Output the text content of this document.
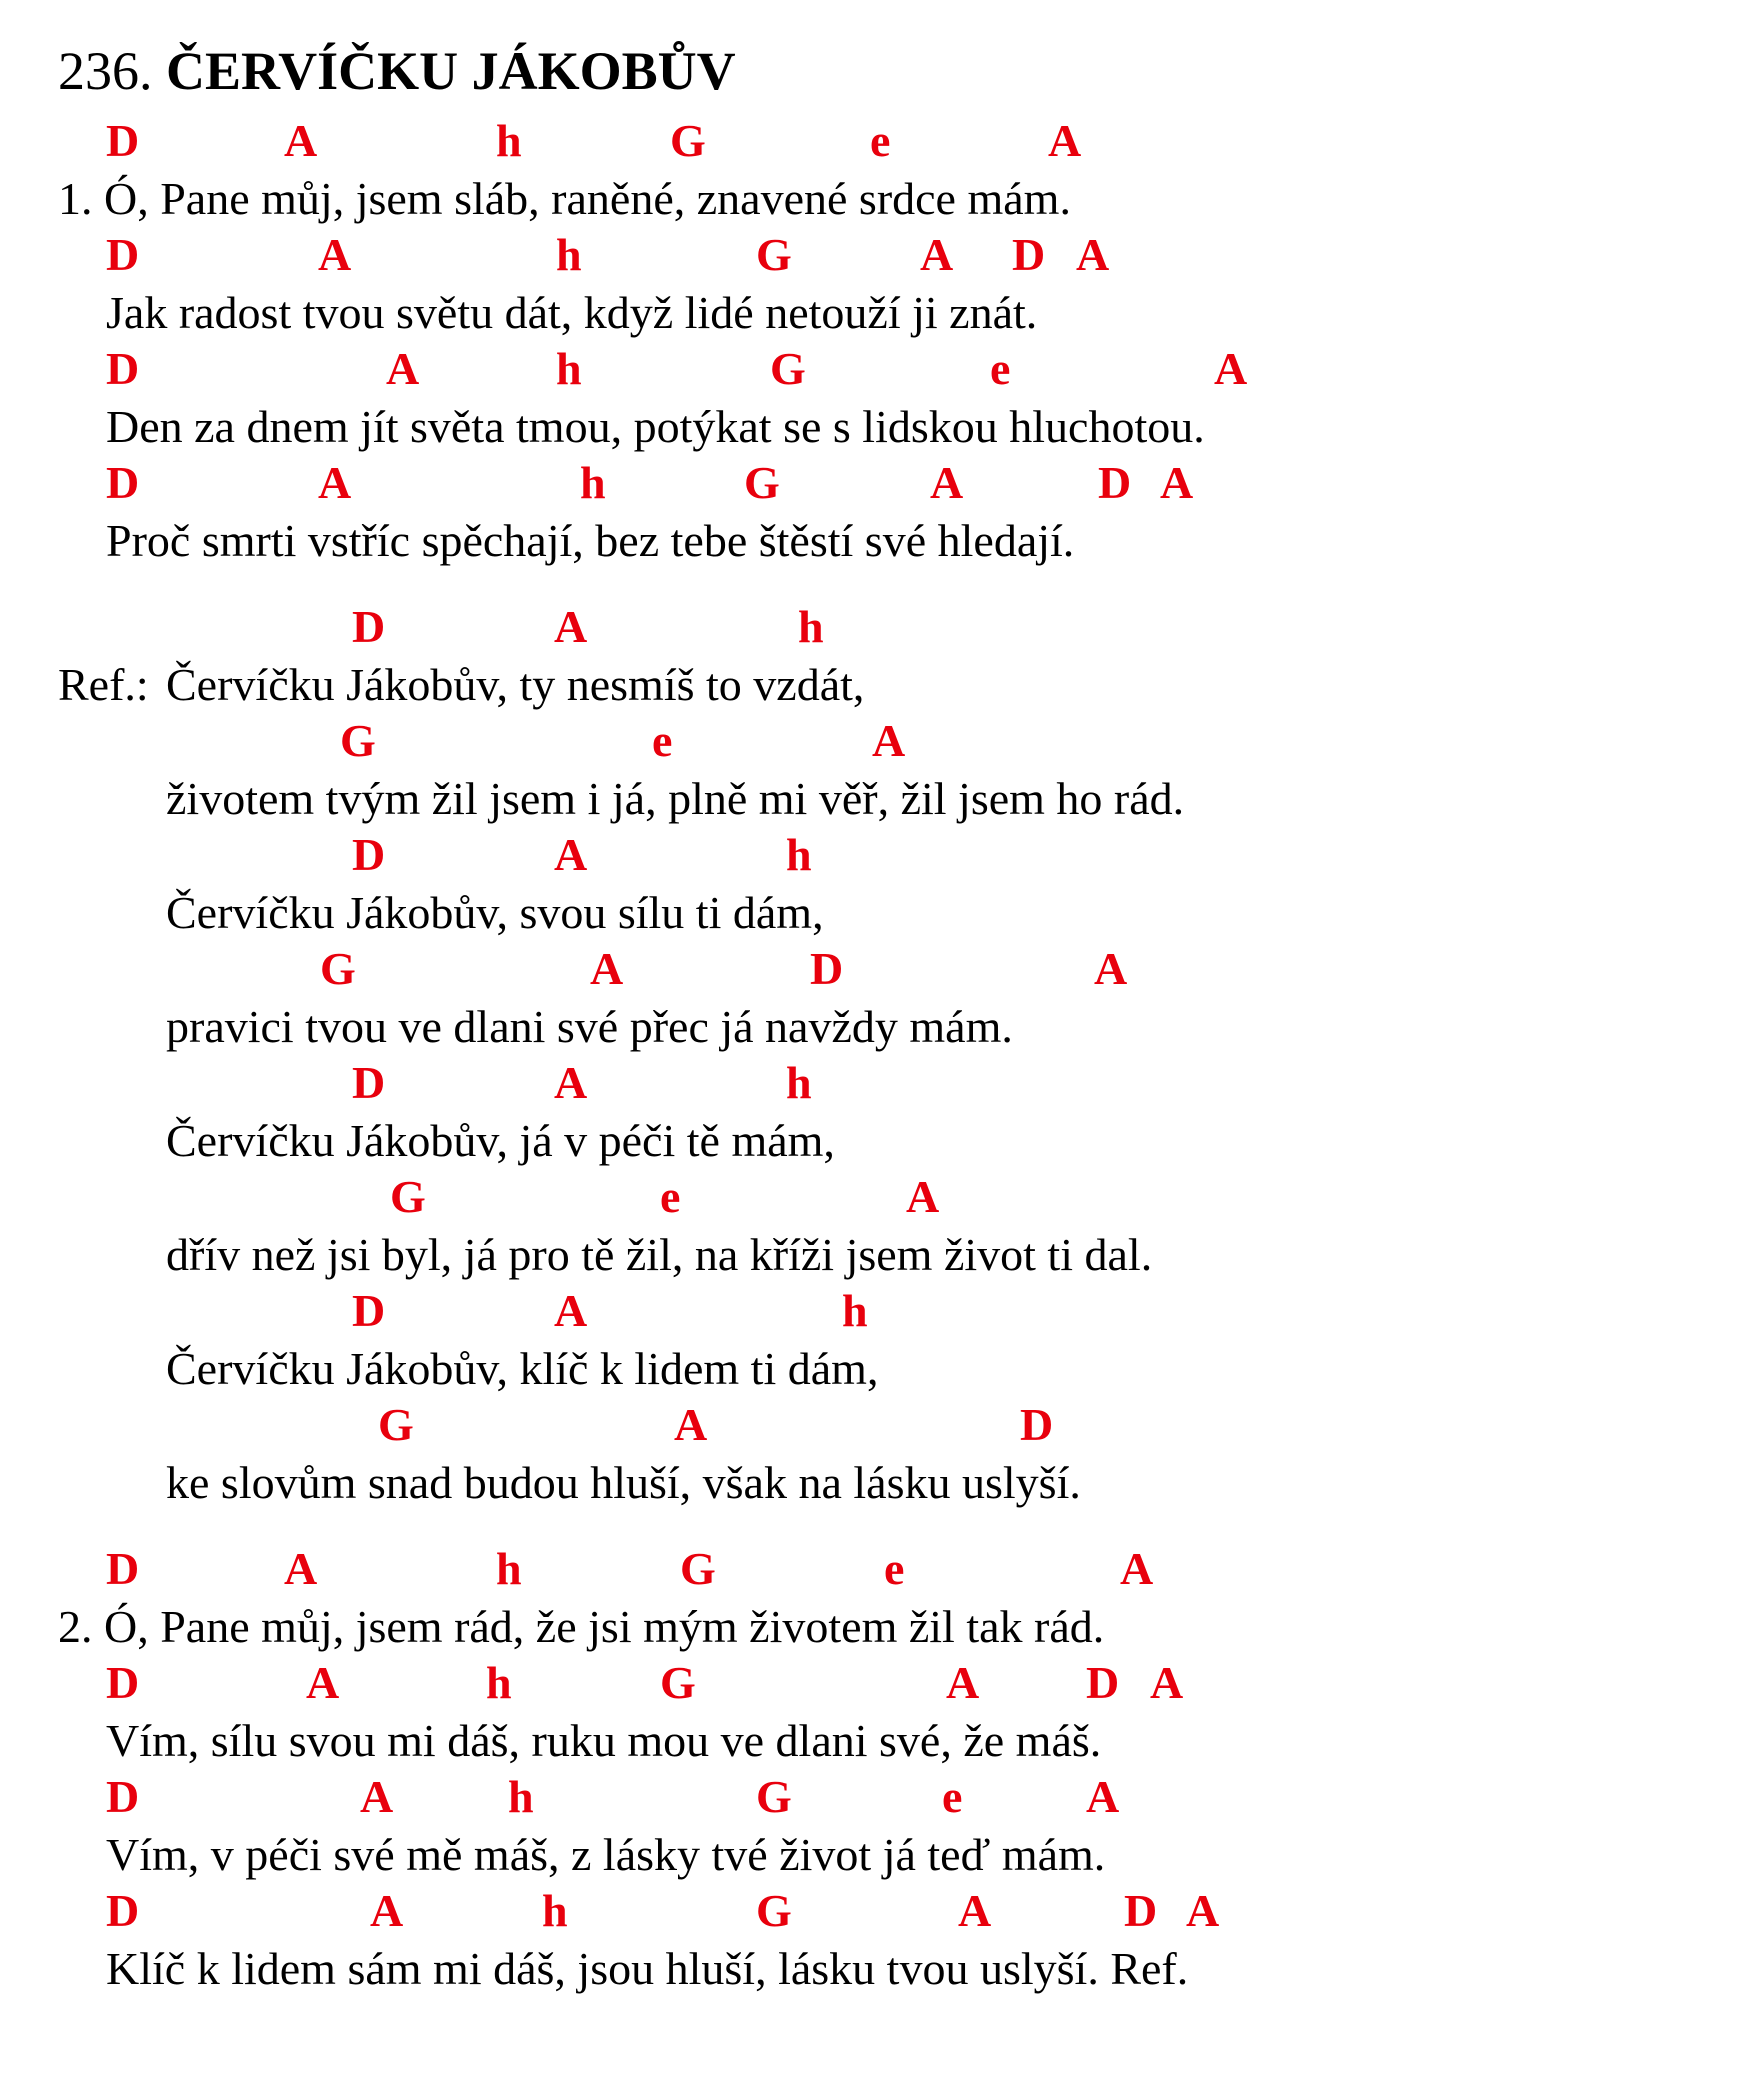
236. ČERVÍČKU JÁKOBŮV
D	A	h	G	e	A
1. Ó, Pane můj, jsem sláb, raněné, znavené srdce mám.
D	A	h	G	A D A
Jak radost tvou světu dát, když lidé netouží ji znát.
D	A	h	G	e	A
Den za dnem jít světa tmou, potýkat se s lidskou hluchotou.
D	A	h	G	A	D A
Proč smrti vstříc spěchají, bez tebe štěstí své hledají.
D	A	h
Ref.: Červíčku Jákobův, ty nesmíš to vzdát,
G	e	A
životem tvým žil jsem i já, plně mi věř, žil jsem ho rád.
D	A	h
Červíčku Jákobův, svou sílu ti dám,
G	A	D	A
pravici tvou ve dlani své přec já navždy mám.
D	A	h
Červíčku Jákobův, já v péči tě mám,
G	e	A
dřív než jsi byl, já pro tě žil, na kříži jsem život ti dal.
D	A	h
Červíčku Jákobův, klíč k lidem ti dám,
G	A	D
ke slovům snad budou hluší, však na lásku uslyší.
D	A	h	G	e	A
2. Ó, Pane můj, jsem rád, že jsi mým životem žil tak rád.
D	A	h	G	A D A
Vím, sílu svou mi dáš, ruku mou ve dlani své, že máš.
D	A h	G	e	A
Vím, v péči své mě máš, z lásky tvé život já teď mám.
D	A	h	G	A	D A
Klíč k lidem sám mi dáš, jsou hluší, lásku tvou uslyší. Ref.
